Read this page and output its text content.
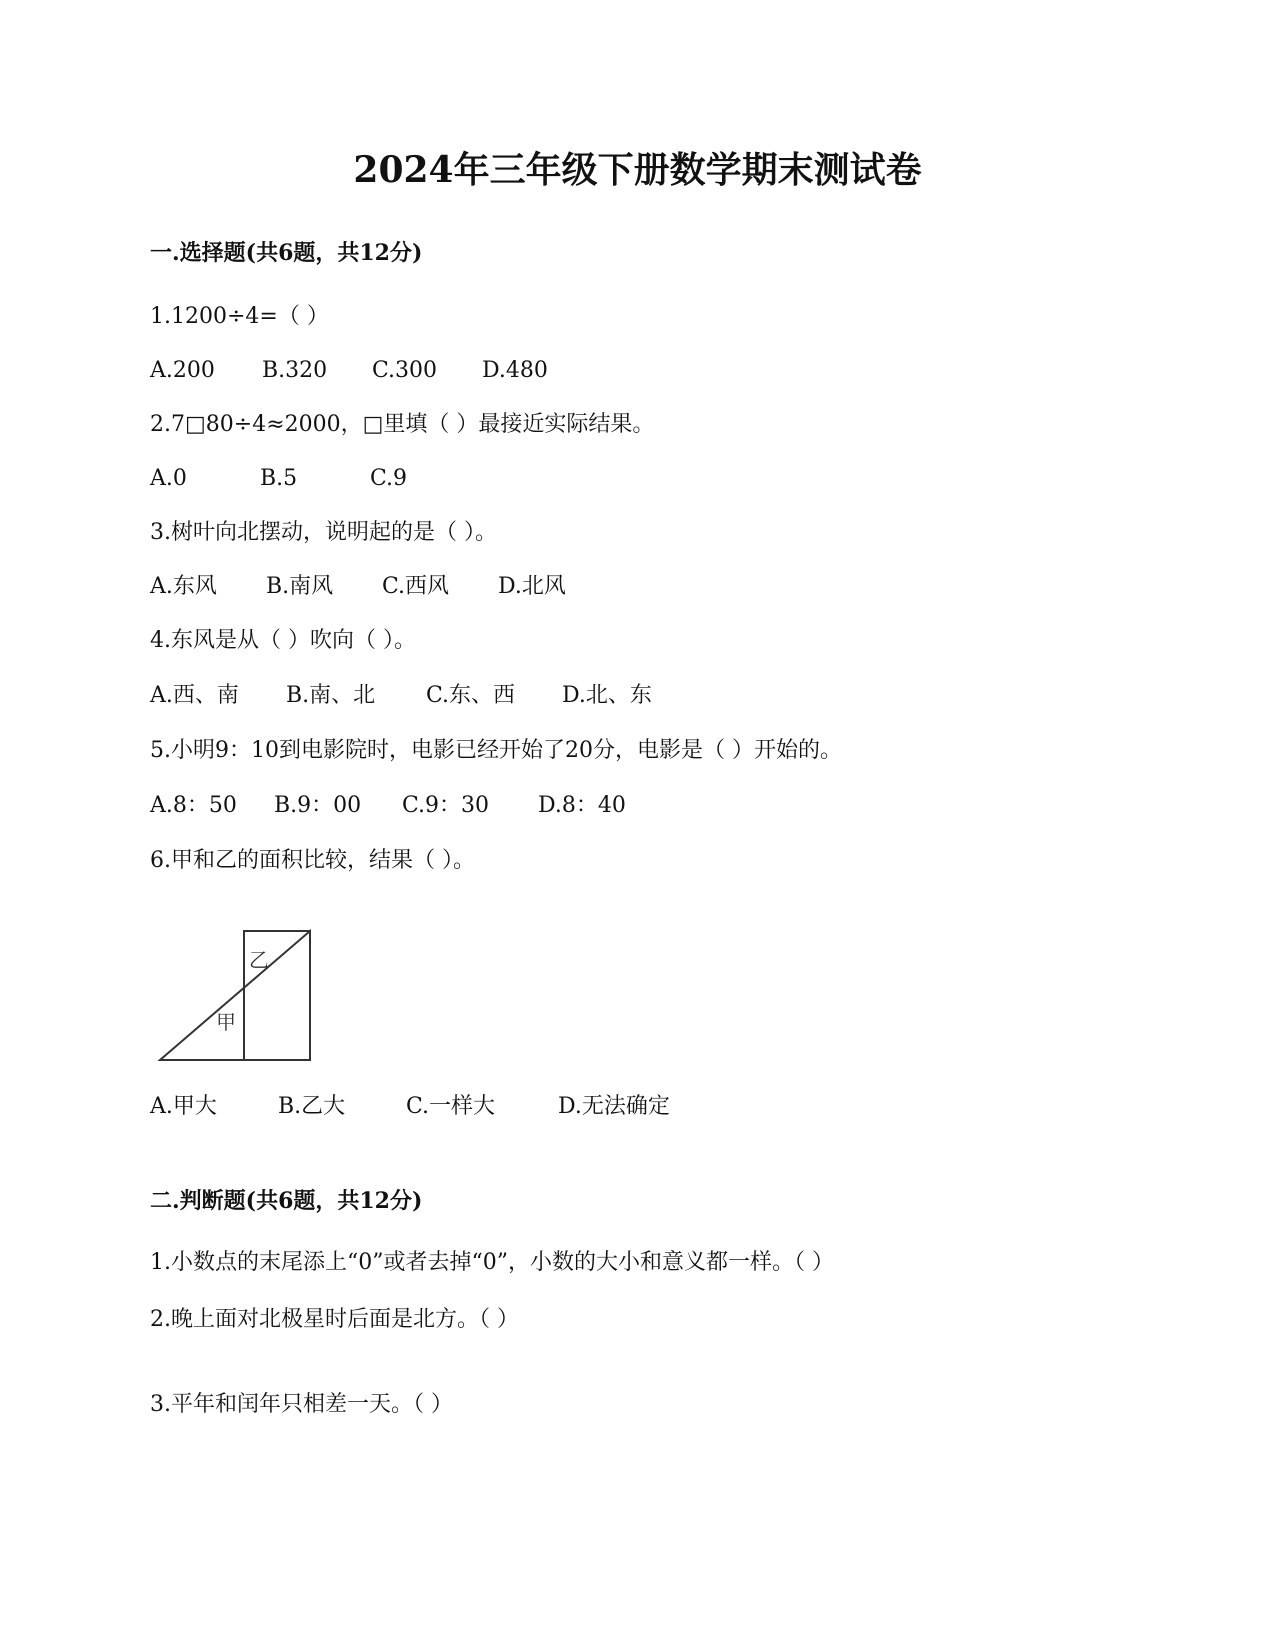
2024年三年级下册数学期末测试卷
一.选择题(共6题，共12分)
1.1200÷4=（ ）
A.200 B.320 C.300 D.480
2.7□80÷4≈2000，□里填（ ）最接近实际结果。
A.0	B.5	C.9
3.树叶向北摆动，说明起的是（ ）。
A.东风 B.南风 C.西风 D.北风
4.东风是从（ ）吹向（ ）。
A.西、南 B.南、北 C.东、西 D.北、东
5.小明9：10到电影院时，电影已经开始了20分，电影是（ ）开始的。
A.8：50 B.9：00 C.9：30 D.8：40
6.甲和乙的面积比较，结果（ ）。
乙
甲
A.甲大	B.乙大	C.一样大	D.无法确定
二.判断题(共6题，共12分)
1.小数点的末尾添上“0”或者去掉“0”，小数的大小和意义都一样。（ ）
2.晚上面对北极星时后面是北方。（ ）
3.平年和闰年只相差一天。（ ）
